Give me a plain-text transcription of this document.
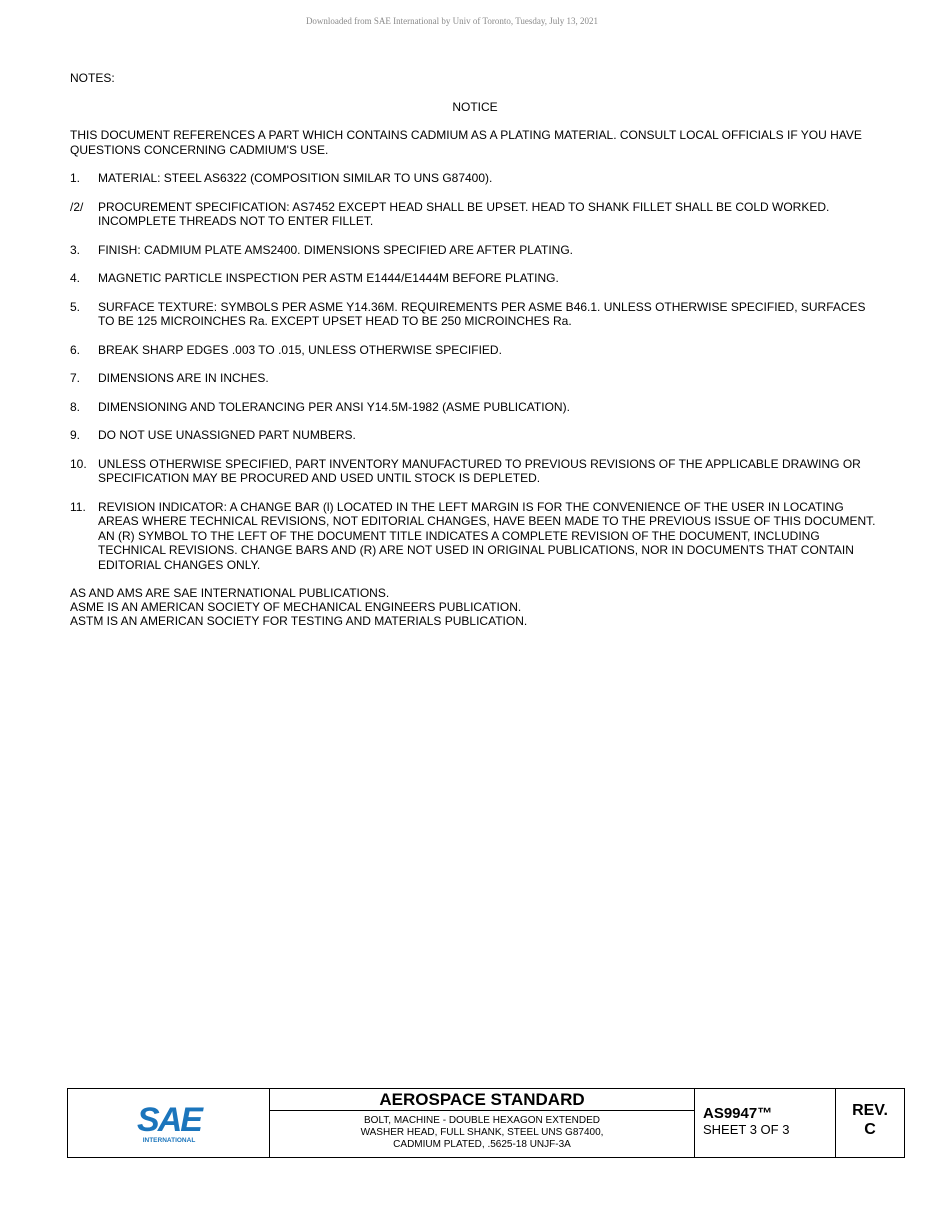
Downloaded from SAE International by Univ of Toronto, Tuesday, July 13, 2021

NOTES:

NOTICE

THIS DOCUMENT REFERENCES A PART WHICH CONTAINS CADMIUM AS A PLATING MATERIAL. CONSULT LOCAL OFFICIALS IF YOU HAVE QUESTIONS CONCERNING CADMIUM'S USE.

1.	MATERIAL: STEEL AS6322 (COMPOSITION SIMILAR TO UNS G87400).
/2/	PROCUREMENT SPECIFICATION: AS7452 EXCEPT HEAD SHALL BE UPSET. HEAD TO SHANK FILLET SHALL BE COLD WORKED. INCOMPLETE THREADS NOT TO ENTER FILLET.
3.	FINISH: CADMIUM PLATE AMS2400. DIMENSIONS SPECIFIED ARE AFTER PLATING.
4.	MAGNETIC PARTICLE INSPECTION PER ASTM E1444/E1444M BEFORE PLATING.
5.	SURFACE TEXTURE: SYMBOLS PER ASME Y14.36M. REQUIREMENTS PER ASME B46.1. UNLESS OTHERWISE SPECIFIED, SURFACES TO BE 125 MICROINCHES Ra. EXCEPT UPSET HEAD TO BE 250 MICROINCHES Ra.
6.	BREAK SHARP EDGES .003 TO .015, UNLESS OTHERWISE SPECIFIED.
7.	DIMENSIONS ARE IN INCHES.
8.	DIMENSIONING AND TOLERANCING PER ANSI Y14.5M-1982 (ASME PUBLICATION).
9.	DO NOT USE UNASSIGNED PART NUMBERS.
10. UNLESS OTHERWISE SPECIFIED, PART INVENTORY MANUFACTURED TO PREVIOUS REVISIONS OF THE APPLICABLE DRAWING OR SPECIFICATION MAY BE PROCURED AND USED UNTIL STOCK IS DEPLETED.
11.	REVISION INDICATOR: A CHANGE BAR (l) LOCATED IN THE LEFT MARGIN IS FOR THE CONVENIENCE OF THE USER IN LOCATING AREAS WHERE TECHNICAL REVISIONS, NOT EDITORIAL CHANGES, HAVE BEEN MADE TO THE PREVIOUS ISSUE OF THIS DOCUMENT. AN (R) SYMBOL TO THE LEFT OF THE DOCUMENT TITLE INDICATES A COMPLETE REVISION OF THE DOCUMENT, INCLUDING TECHNICAL REVISIONS. CHANGE BARS AND (R) ARE NOT USED IN ORIGINAL PUBLICATIONS, NOR IN DOCUMENTS THAT CONTAIN EDITORIAL CHANGES ONLY.
AS AND AMS ARE SAE INTERNATIONAL PUBLICATIONS.
ASME IS AN AMERICAN SOCIETY OF MECHANICAL ENGINEERS PUBLICATION.
ASTM IS AN AMERICAN SOCIETY FOR TESTING AND MATERIALS PUBLICATION.
SAE
INTERNATIONAL
AEROSPACE STANDARD
BOLT, MACHINE - DOUBLE HEXAGON EXTENDED
WASHER HEAD, FULL SHANK, STEEL UNS G87400,
CADMIUM PLATED, .5625-18 UNJF-3A
AS9947™
SHEET 3 OF 3
REV.
C
